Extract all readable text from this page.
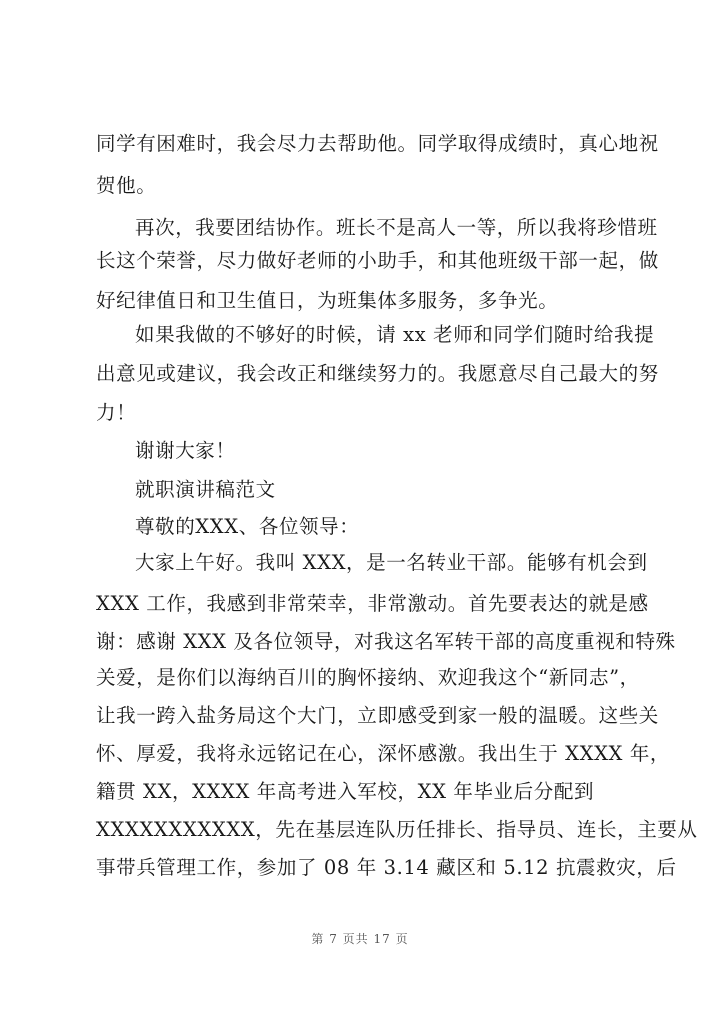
同学有困难时，我会尽力去帮助他。同学取得成绩时，真心地祝
贺他。
再次，我要团结协作。班长不是高人一等，所以我将珍惜班
长这个荣誉，尽力做好老师的小助手，和其他班级干部一起，做
好纪律值日和卫生值日，为班集体多服务，多争光。
如果我做的不够好的时候，请 xx 老师和同学们随时给我提
出意见或建议，我会改正和继续努力的。我愿意尽自己最大的努
力！
谢谢大家！
就职演讲稿范文
尊敬的XXX、各位领导：
大家上午好。我叫 XXX，是一名转业干部。能够有机会到
XXX 工作，我感到非常荣幸，非常激动。首先要表达的就是感
谢：感谢 XXX 及各位领导，对我这名军转干部的高度重视和特殊
关爱，是你们以海纳百川的胸怀接纳、欢迎我这个“新同志”，
让我一跨入盐务局这个大门，立即感受到家一般的温暖。这些关
怀、厚爱，我将永远铭记在心，深怀感激。我出生于 XXXX 年，
籍贯 XX，XXXX 年高考进入军校，XX 年毕业后分配到
XXXXXXXXXXX，先在基层连队历任排长、指导员、连长，主要从
事带兵管理工作，参加了 08 年 3.14 藏区和 5.12 抗震救灾，后
第 7 页共 17 页
